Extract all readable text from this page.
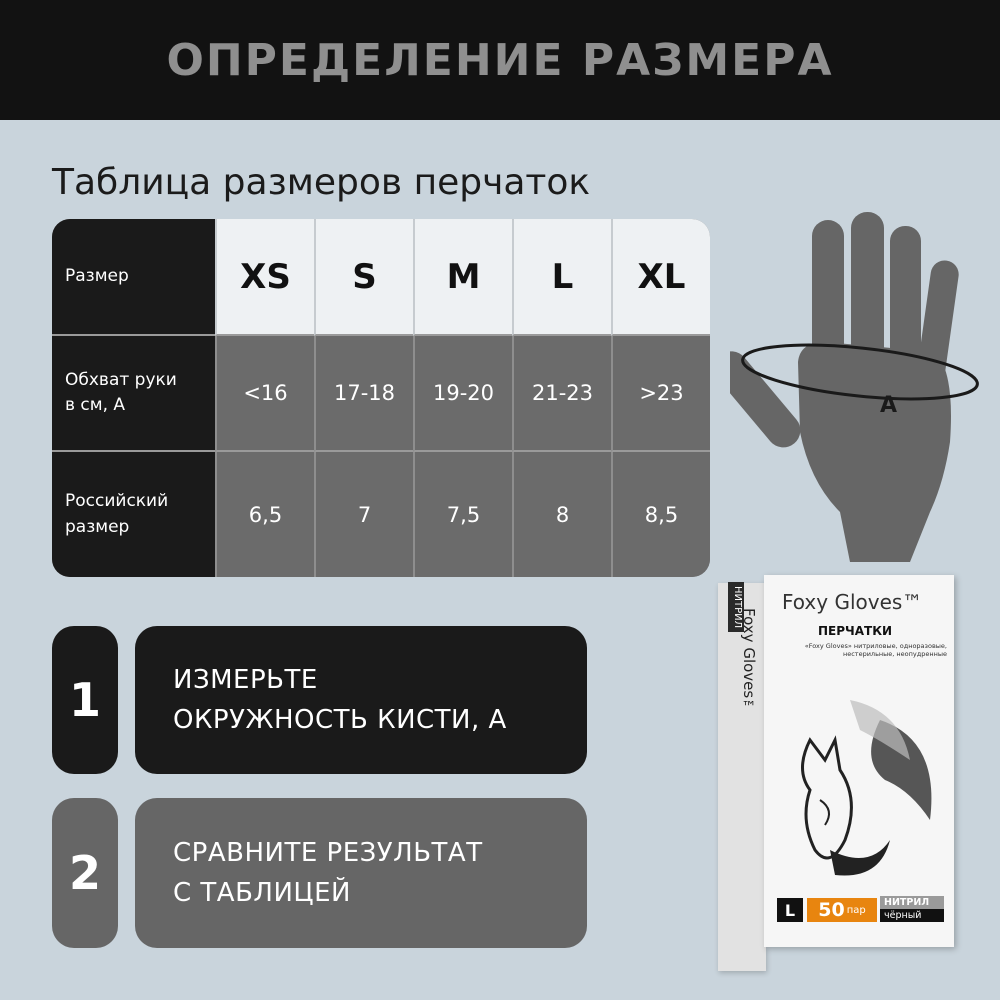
ОПРЕДЕЛЕНИЕ РАЗМЕРА
Таблица размеров перчаток
Размер	XS	S	M	L	XL
Обхват руки
в см, А	<16	17-18	19-20	21-23	>23
Российский
размер	6,5	7	7,5	8	8,5
A
1	ИЗМЕРЬТЕ
ОКРУЖНОСТЬ КИСТИ, А
2	СРАВНИТЕ РЕЗУЛЬТАТ
С ТАБЛИЦЕЙ
НИТРИЛ
Foxy Gloves™
Foxy Gloves™
ПЕРЧАТКИ
«Foxy Gloves» нитриловые, одноразовые, нестерильные, неопудренные
L	50 пар
НИТРИЛ
чёрный
